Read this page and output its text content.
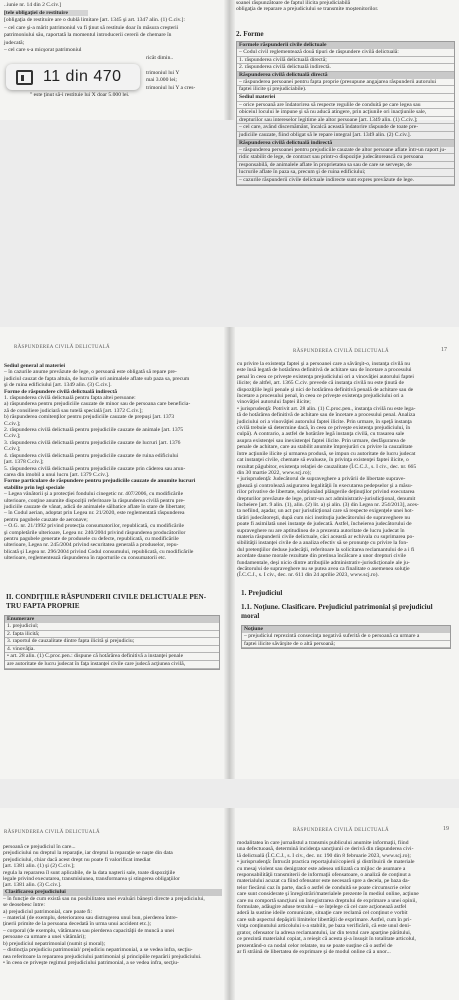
..iunie nr. 14 din 2 C.civ.]
[tele obligaţiei de restituire
[obligaţia de restituire are o dublă limitare [art. 1345 şi art. 1347 alin. (1) C.civ.]:
– cel care şi-a mărit patrimoniul va fi ţinut să restituie doar în măsura creşterii
patrimoniului său, raportată la momentul introducerii cererii de chemare în
judecată;
– cel care s-a micşorat patrimoniul
ricăt dimin..
trimoniul lui Y
mai 3.000 lei;
trimoniul lui Y a cres-
" este ţinut să-i restituie lui X doar 5.000 lei.
soanei răspunzătoare de faptul ilicita prejudiciabilă
obligaţia de reparare a prejudiciului se transmite moştenitorilor.
2. Forme
Formele răspunderii civile delictuale
– Codul civil reglementează două tipuri de răspundere civilă delictuală:
1. răspunderea civilă delictuală directă;
2. răspunderea civilă delictuală indirectă.
Răspunderea civilă delictuală directă
– răspunderea persoanei pentru fapta proprie (presupune angajarea răspunderii autorului
faptei ilicite şi prejudiciabile).
Sediul materiei
– orice persoană are îndatorirea să respecte regulile de conduită pe care legea sau
obiceiul locului le impune şi să nu aducă atingere, prin acţiunile ori inacţiunile sale,
drepturilor sau intereselor legitime ale altor persoane [art. 1349 alin. (1) C.civ.];
– cel care, având discernământ, încalcă această îndatorire răspunde de toate pre-
judiciile cauzate, fiind obligat să le repare integral [art. 1349 alin. (2) C.civ.].
Răspunderea civilă delictuală indirectă
– răspunderea persoanei pentru prejudiciile cauzate de altor persoane aflate într-un raport ju-
ridic stabilit de lege, de contract sau printr-o dispoziţie judecătorească cu persoana
responsabilă, de animalele aflate în proprietatea sa sau de care se serveşte, de
lucrurile aflate în paza sa, precum şi de ruina edificiului;
– cazurile răspunderii civile delictuale indirecte sunt expres prevăzute de lege.
11 din 470
RĂSPUNDEREA CIVILĂ DELICTUALĂ
Sediul general al materiei
– în cazurile anume prevăzute de lege, o persoană este obligată să repare pre-
judiciul cauzat de fapta altuia, de lucrurile ori animalele aflate sub paza sa, precum
şi de ruina edificiului [art. 1349 alin. (3) C.civ.].
Forme de răspundere civilă delictuală indirectă
1. răspunderea civilă delictuală pentru fapta altei persoane:
a) răspunderea pentru prejudiciile cauzate de minor sau de persoana care beneficia-
ză de consiliere judiciară sau tutelă specială [art. 1372 C.civ.];
b) răspunderea comitenţilor pentru prejudiciile cauzate de prepuşi [art. 1373
C.civ.];
2. răspunderea civilă delictuală pentru prejudiciile cauzate de animale [art. 1375
C.civ.];
3. răspunderea civilă delictuală pentru prejudiciile cauzate de lucruri [art. 1376
C.civ.];
4. răspunderea civilă delictuală pentru prejudiciile cauzate de ruina edificiului
[art. 1378 C.civ.];
5. răspunderea civilă delictuală pentru prejudiciile cauzate prin căderea sau arun-
carea din imobil a unui lucru [art. 1379 C.civ.].
Forme particulare de răspundere pentru prejudiciile cauzate de anumite lucruri
stabilite prin legi speciale
– Legea vânătorii şi a protecţiei fondului cinegetic nr. 407/2006, cu modificările
ulterioare, conţine anumite dispoziţii referitoare la răspunderea civilă pentru pre-
judiciile cauzate de vânat, adică de animalele sălbatice aflate în stare de libertate;
– în Codul aerian, adoptat prin Legea nr. 21/2020, este reglementată răspunderea
pentru pagubele cauzate de aeronave;
– O.G. nr. 21/1992 privind protecţia consumatorilor, republicată, cu modificările
şi completările ulterioare, Legea nr. 240/2004 privind răspunderea producătorilor
pentru pagubele generate de produsele cu defecte, republicată, cu modificările
ulterioare, Legea nr. 245/2004 privind securitatea generală a produselor, repu-
blicată şi Legea nr. 296/2004 privind Codul consumului, republicată, cu modificările
ulterioare, reglementează răspunderea în raporturile cu consumatorii etc.
II. CONDIŢIILE RĂSPUNDERII CIVILE DELICTUALE PEN-
TRU FAPTA PROPRIE
Enumerare
1. prejudiciul;
2. fapta ilicită;
3. raportul de cauzalitate dintre fapta ilicită şi prejudiciu;
4. vinovăţia.
• art. 28 alin. (1) C.proc.pen.: dispune că hotărârea definitivă a instanţei penale
are autoritate de lucru judecat în faţa instanţei civile care judecă acţiunea civilă,
RĂSPUNDEREA CIVILĂ DELICTUALĂ	17
cu privire la existenţa faptei şi a persoanei care a săvârşit-o, instanţa civilă nu
este însă legată de hotărârea definitivă de achitare sau de încetare a procesului
penal în ceea ce priveşte existenţa prejudiciului ori a vinovăţiei autorului faptei
ilicite; de altfel, art. 1365 C.civ. prevede că instanţa civilă nu este ţinută de
dispoziţiile legii penale şi nici de hotărârea definitivă penală de achitare sau de
încetare a procesului penal, în ceea ce priveşte existenţa prejudiciului ori a
vinovăţiei autorului faptei ilicite;
• jurisprudenţă: Potrivit art. 28 alin. (1) C.proc.pen., instanţa civilă nu este lega-
tă de hotărârea definitivă de achitare sau de încetare a procesului penal. Analiza
judiciului ori a vinovăţiei autorului faptei ilicite. Prin urmare, în speţă instanţa
civilă trebuie să determine dacă, în ceea ce priveşte existenţa prejudiciului, în
culpă). A contrario, a astfel de hotărâre legă instanţa civilă, cu trasarea sale
asupra existenţei sau inexistenţei faptei ilicite. Prin urmare, desfăşurarea de
penale de achitare, care au stabilit anumite împrejurări cu privire la cauzalitate
între acţiunile ilicite şi urmarea produsă, se impun cu autoritate de lucru judecat
cat instanţei civile, chemate să evalueze, în privinţa existenţei faptei ilicite, o
rezultat păgubitor, existenţa relaţiei de cauzalitate (Î.C.C.J., s. I civ., dec. nr. 665
din 30 martie 2022, www.scj.ro);
• jurisprudenţă: Judecătorul de supraveghere a privării de libertate suprave-
ghează şi controlează asigurarea legalităţii în executarea pedepselor şi a măsu-
rilor privative de libertate, soluţionând plângerile deţinuţilor privind executarea
drepturilor prevăzute de lege, printr-un act administrativ-jurisdicţional, denumit
încheiere [art. 9 alin. (1), alin. (2) lit. a) şi alin. (3) din Legea nr. 254/2013], aces-
ta nefiind, aşadar, un act pur jurisdicţional care să respecte exigenţele unei hot-
tărâri judecătoreşti, după cum nici instituţia judecătorului de supraveghere nu
poate fi asimilată unei instanţe de judecată. Astfel, încheierea judecătorului de
supraveghere nu are aptitudinea de a prezenta autoritate de lucru judecat în
materia răspunderii civile delictuale, căci această ar echivala cu suprimarea po-
sibilităţii instanţei civile de a analiza efectiv să se pronunţe cu privire la fon-
dul pretenţiilor deduse judecăţii, referitoare la solicitarea reclamantului de a i fi
acordate daune morale rezultate din pretinsa încălcare a unor drepturi civile
fundamentale, deşi nicio dintre atribuţiile administrativ-jurisdicţionale ale ju-
decătorului de supraveghere nu se putea avea ca finalitate o asemenea soluţie
(Î.C.C.J., s. I civ., dec. nr. 611 din 24 aprilie 2023, www.scj.ro).
1. Prejudiciul
1.1. Noţiune. Clasificare. Prejudiciul patrimonial şi prejudiciul
moral
Noţiune
– prejudiciul reprezintă consecinţa negativă suferită de o persoană ca urmare a
faptei ilicite săvârşite de o altă persoană;
RĂSPUNDEREA CIVILĂ DELICTUALĂ
persoană ce prejudiciul în care...
prejudiciului nu dreptul la reparaţie, iar dreptul la reparaţie se naşte din data
prejudiciului, chiar dacă acest drept nu poate fi valorificat imediat
[art. 1381 alin. (1) şi (2) C.civ.];
regula la repararea îl sunt aplicabile, de la data naşterii sale, toate dispoziţiile
legale privind executarea, transmisiunea, transformarea şi stingerea obligaţiilor
[art. 1381 alin. (3) C.civ.].
Clasificarea prejudiciului
– în funcţie de cum există sau nu posibilitatea unei evaluări băneşti directe a prejudiciului,
se deosebesc între:
a) prejudiciul patrimonial, care poate fi:
– material (de exemplu, deteriorarea sau distrugerea unui bun, pierderea între-
ţinerii primite de la persoana decedată în urma unui accident etc.);
– corporal (de exemplu, vătămarea sau pierderea capacităţii de muncă a unei
persoane ca urmare a unei vătămări);
b) prejudiciul nepatrimonial (numit şi moral);
– distincţia prejudiciu patrimonial/ prejudiciu nepatrimonial, a se vedea infra, secţiu-
nea referitoare la repararea prejudiciului patrimonial şi principiile reparării prejudiciului.
• în ceea ce priveşte regimul prejudiciului patrimonial, a se vedea infra, secţiu-
RĂSPUNDEREA CIVILĂ DELICTUALĂ	19
modalitatea în care jurnalistul a transmis publicului anumite informaţii, fiind
una defectuoasă, determină incidenţa sancţiunii ce derivă din răspunderea civi-
lă delictuală (Î.C.C.J., s. I civ., dec. nr. 190 din 8 februarie 2023, www.scj.ro);
• jurisprudenţă: Întrucât practica reportajului/copierii şi distribuirii de materiale
cu mesaj violent sau denigrator este adesea utilizată ca mijloc de asumare a
responsabilităţii transmiterii de informaţii ofensatoare, o analiză de conţinut a
materialului acuzat ca fiind ofensator este necesară spre a decela, pe baza da-
telor fiecărui caz în parte, dacă o astfel de conduită se poate circumscrie celor
care sunt considerate şi înregistrări/materialele prezente în mediul online, acţiune
care nu comportă sancţiuni un înregistrarea dreptului de exprimare a unei opinii,
formulate, adăugire aduse textului – se înţelege că cel care acţionează astfel
aderă la sustine ideile comunicate, situaţie care reclamă cel conţinut e vorbit
care sub aspectul depăşirii limitelor libertăţii de exprimare. Astfel, cum în pri-
vinţa conţinutului articolului s-a stabilit, pe baza verificării, că este unul deni-
grator, ofensator la adresa reclamantului, iar din textul care aparţine pârâtului,
ce prezintă materialul copiat, a reieşit că acesta şi-a însuşit în totalitate articolul,
prezentând-o ca nodal celor relatate, nu se poate susţine că o astfel de
ar fi străină de libertatea de exprimare şi de modul online că a unor...
